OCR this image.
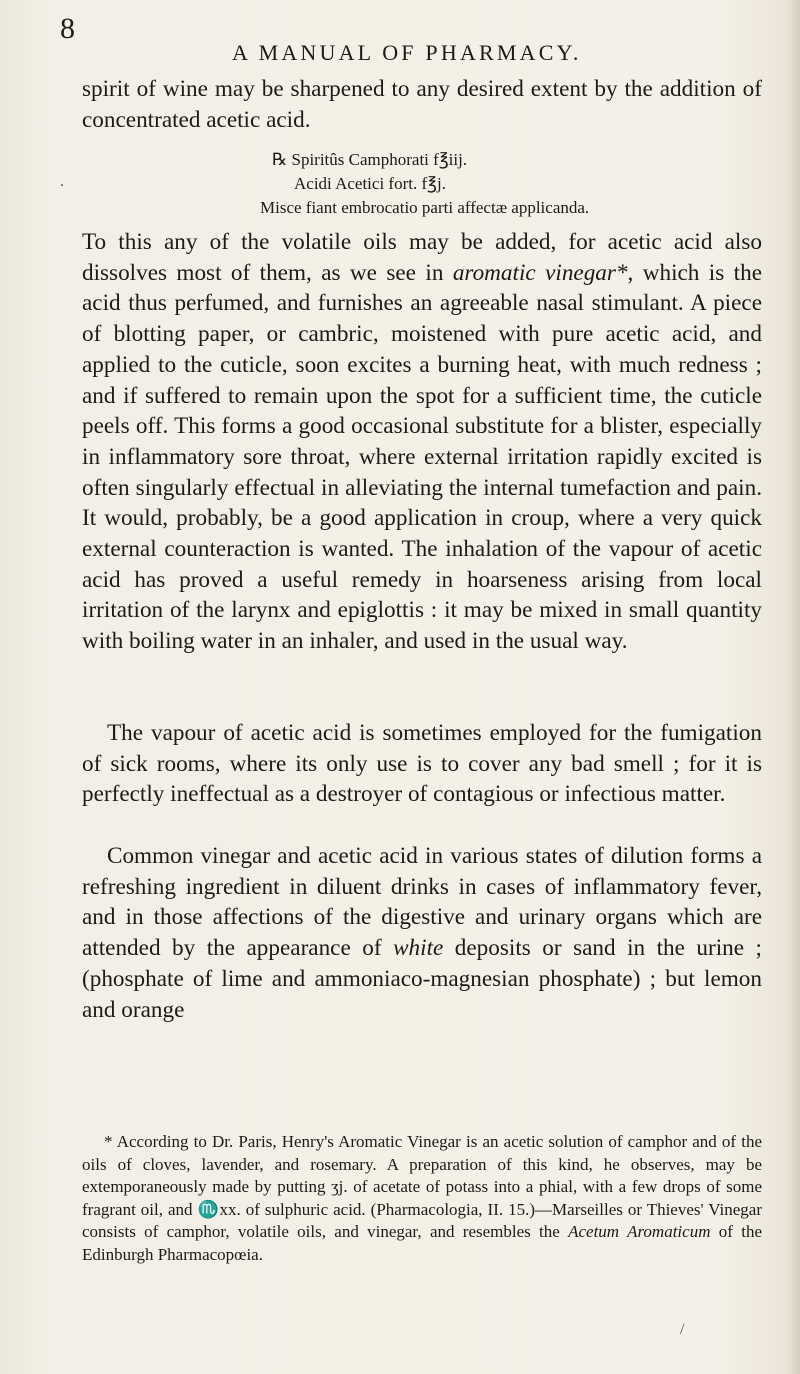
8
A MANUAL OF PHARMACY.

spirit of wine may be sharpened to any desired extent by the addition of concentrated acetic acid.

℞ Spiritûs Camphorati f℥iij.
Acidi Acetici fort. f℥j.
Misce fiant embrocatio parti affectæ applicanda.

To this any of the volatile oils may be added, for acetic acid also dissolves most of them, as we see in aromatic vinegar*, which is the acid thus perfumed, and furnishes an agreeable nasal stimulant. A piece of blotting paper, or cambric, moistened with pure acetic acid, and applied to the cuticle, soon excites a burning heat, with much redness ; and if suffered to remain upon the spot for a sufficient time, the cuticle peels off. This forms a good occasional substitute for a blister, especially in inflammatory sore throat, where external irritation rapidly excited is often singularly effectual in alleviating the internal tumefaction and pain. It would, probably, be a good application in croup, where a very quick external counteraction is wanted. The inhalation of the vapour of acetic acid has proved a useful remedy in hoarseness arising from local irritation of the larynx and epiglottis : it may be mixed in small quantity with boiling water in an inhaler, and used in the usual way.

The vapour of acetic acid is sometimes employed for the fumigation of sick rooms, where its only use is to cover any bad smell ; for it is perfectly ineffectual as a destroyer of contagious or infectious matter.

Common vinegar and acetic acid in various states of dilution forms a refreshing ingredient in diluent drinks in cases of inflammatory fever, and in those affections of the digestive and urinary organs which are attended by the appearance of white deposits or sand in the urine ; (phosphate of lime and ammoniaco-magnesian phosphate) ; but lemon and orange

* According to Dr. Paris, Henry's Aromatic Vinegar is an acetic solution of camphor and of the oils of cloves, lavender, and rosemary. A preparation of this kind, he observes, may be extemporaneously made by putting ʒj. of acetate of potass into a phial, with a few drops of some fragrant oil, and ♏xx. of sulphuric acid. (Pharmacologia, II. 15.)—Marseilles or Thieves' Vinegar consists of camphor, volatile oils, and vinegar, and resembles the Acetum Aromaticum of the Edinburgh Pharmacopœia.

.
/
